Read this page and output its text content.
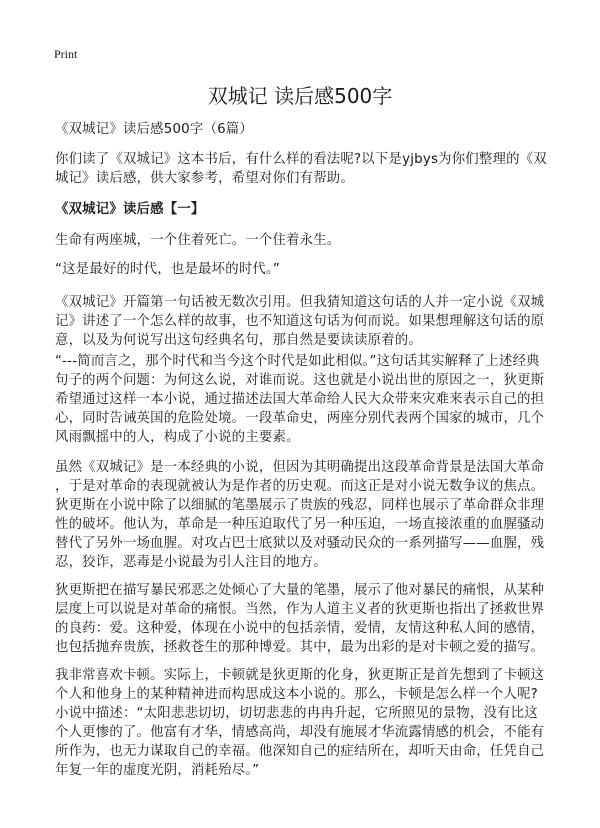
Print
双城记 读后感500字
《双城记》读后感500字（6篇）
你们读了《双城记》这本书后，有什么样的看法呢?以下是yjbys为你们整理的《双
城记》读后感，供大家参考，希望对你们有帮助。
《双城记》读后感【一】
生命有两座城，一个住着死亡。一个住着永生。
“这是最好的时代，也是最坏的时代。”
《双城记》开篇第一句话被无数次引用。但我猜知道这句话的人并一定小说《双城
记》讲述了一个怎么样的故事，也不知道这句话为何而说。如果想理解这句话的原
意，以及为何说写出这句经典名句，那自然是要读读原着的。
“---简而言之，那个时代和当今这个时代是如此相似。”这句话其实解释了上述经典
句子的两个问题：为何这么说，对谁而说。这也就是小说出世的原因之一，狄更斯
希望通过这样一本小说，通过描述法国大革命给人民大众带来灾难来表示自己的担
心，同时告诫英国的危险处境。一段革命史，两座分别代表两个国家的城市，几个
风雨飘摇中的人，构成了小说的主要素。
虽然《双城记》是一本经典的小说，但因为其明确提出这段革命背景是法国大革命
，于是对革命的表现就被认为是作者的历史观。而这正是对小说无数争议的焦点。
狄更斯在小说中除了以细腻的笔墨展示了贵族的残忍，同样也展示了革命群众非理
性的破坏。他认为，革命是一种压迫取代了另一种压迫，一场直接浓重的血腥骚动
替代了另外一场血腥。对攻占巴士底狱以及对骚动民众的一系列描写——血腥，残
忍，狡诈，恶毒是小说最为引人注目的地方。
狄更斯把在描写暴民邪恶之处倾心了大量的笔墨，展示了他对暴民的痛恨，从某种
层度上可以说是对革命的痛恨。当然，作为人道主义者的狄更斯也指出了拯救世界
的良药：爱。这种爱，体现在小说中的包括亲情，爱情，友情这种私人间的感情，
也包括抛弃贵族，拯救苍生的那种博爱。其中，最为出彩的是对卡顿之爱的描写。
我非常喜欢卡顿。实际上，卡顿就是狄更斯的化身，狄更斯正是首先想到了卡顿这
个人和他身上的某种精神进而构思成这本小说的。那么，卡顿是怎么样一个人呢?
小说中描述：“太阳悲悲切切，切切悲悲的冉冉升起，它所照见的景物，没有比这
个人更惨的了。他富有才华，情感高尚，却没有施展才华流露情感的机会，不能有
所作为，也无力谋取自己的幸福。他深知自己的症结所在，却听天由命，任凭自己
年复一年的虚度光阴，消耗殆尽。”
